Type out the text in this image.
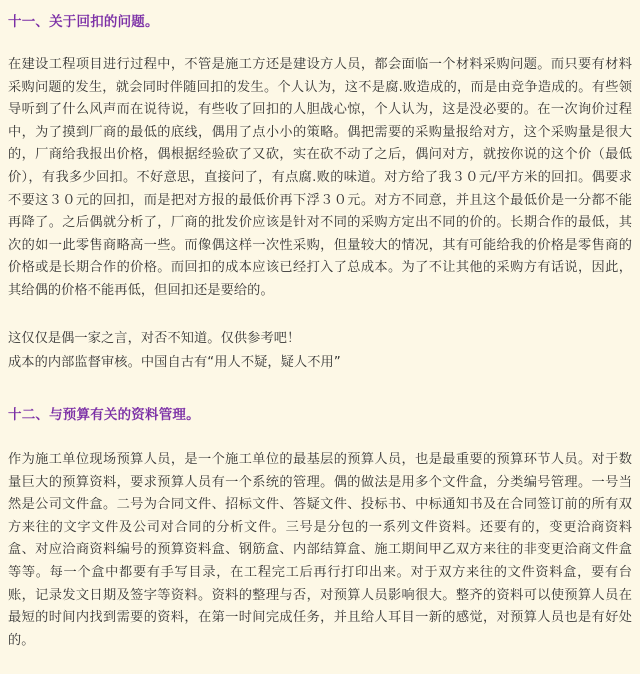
十一、关于回扣的问题。

在建设工程项目进行过程中，不管是施工方还是建设方人员，都会面临一个材料采购问题。而只要有材料采购问题的发生，就会同时伴随回扣的发生。个人认为，这不是腐.败造成的，而是由竞争造成的。有些领导听到了什么风声而在说待说，有些收了回扣的人胆战心惊，个人认为，这是没必要的。在一次询价过程中，为了摸到厂商的最低的底线，偶用了点小小的策略。偶把需要的采购量报给对方，这个采购量是很大的，厂商给我报出价格，偶根据经验砍了又砍，实在砍不动了之后，偶问对方，就按你说的这个价（最低价），有我多少回扣。不好意思，直接问了，有点腐.败的味道。对方给了我３０元/平方米的回扣。偶要求不要这３０元的回扣，而是把对方报的最低价再下浮３０元。对方不同意，并且这个最低价是一分都不能再降了。之后偶就分析了，厂商的批发价应该是针对不同的采购方定出不同的价的。长期合作的最低，其次的如一此零售商略高一些。而像偶这样一次性采购，但量较大的情况，其有可能给我的价格是零售商的价格或是长期合作的价格。而回扣的成本应该已经打入了总成本。为了不让其他的采购方有话说，因此，其给偶的价格不能再低，但回扣还是要给的。

这仅仅是偶一家之言，对否不知道。仅供参考吧！

成本的内部监督审核。中国自古有“用人不疑，疑人不用”

十二、与预算有关的资料管理。

作为施工单位现场预算人员，是一个施工单位的最基层的预算人员，也是最重要的预算环节人员。对于数量巨大的预算资料，要求预算人员有一个系统的管理。偶的做法是用多个文件盒，分类编号管理。一号当然是公司文件盒。二号为合同文件、招标文件、答疑文件、投标书、中标通知书及在合同签订前的所有双方来往的文字文件及公司对合同的分析文件。三号是分包的一系列文件资料。还要有的，变更洽商资料盒、对应洽商资料编号的预算资料盒、钢筋盒、内部结算盒、施工期间甲乙双方来往的非变更洽商文件盒等等。每一个盒中都要有手写目录，在工程完工后再行打印出来。对于双方来往的文件资料盒，要有台账，记录发文日期及签字等资料。资料的整理与否，对预算人员影响很大。整齐的资料可以使预算人员在最短的时间内找到需要的资料，在第一时间完成任务，并且给人耳目一新的感觉，对预算人员也是有好处的。
